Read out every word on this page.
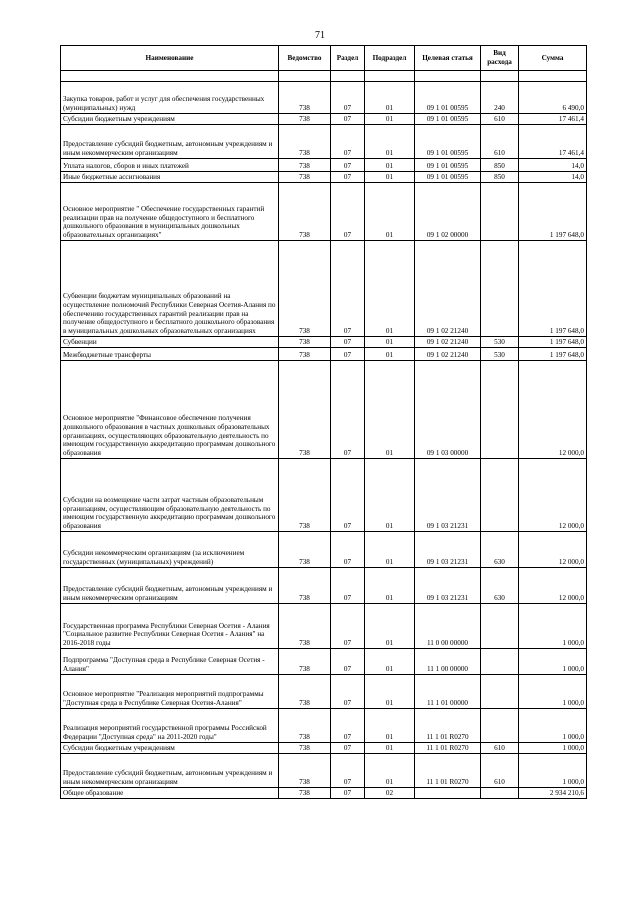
71
Наименование	Ведомство	Раздел	Подраздел	Целевая статья	Вид расхода	Сумма

Закупка товаров, работ и услуг для обеспечения государственных (муниципальных) нужд	738	07	01	09 1 01 00595	240	6 490,0
Субсидии бюджетным учреждениям	738	07	01	09 1 01 00595	610	17 461,4
Предоставление субсидий бюджетным, автономным учреждениям и иным некоммерческим организациям	738	07	01	09 1 01 00595	610	17 461,4
Уплата налогов, сборов и иных платежей	738	07	01	09 1 01 00595	850	14,0
Иные бюджетные ассигнования	738	07	01	09 1 01 00595	850	14,0
Основное мероприятие " Обеспечение государственных гарантий реализации прав на получение общедоступного и бесплатного дошкольного образования в муниципальных дошкольных образовательных организациях"	738	07	01	09 1 02 00000		1 197 648,0
Субвенции бюджетам муниципальных образований на осуществление полномочий Республики Северная Осетия-Алания по обеспечению государственных гарантий реализации прав на получение общедоступного и бесплатного дошкольного образования в муниципальных дошкольных образовательных организациях	738	07	01	09 1 02 21240		1 197 648,0
Субвенции	738	07	01	09 1 02 21240	530	1 197 648,0
Межбюджетные трансферты	738	07	01	09 1 02 21240	530	1 197 648,0
Основное мероприятие "Финансовое обеспечение получения дошкольного образования в частных дошкольных образовательных организациях, осуществляющих образовательную деятельность по имеющим государственную аккредитацию программам дошкольного образования	738	07	01	09 1 03 00000		12 000,0
Субсидии на возмещение части затрат частным образовательным организациям, осуществляющим образовательную деятельность по имеющим государственную аккредитацию программам дошкольного образования	738	07	01	09 1 03 21231		12 000,0
Субсидии некоммерческим организациям (за исключением государственных (муниципальных) учреждений)	738	07	01	09 1 03 21231	630	12 000,0
Предоставление субсидий бюджетным, автономным учреждениям и иным некоммерческим организациям	738	07	01	09 1 03 21231	630	12 000,0
Государственная программа Республики Северная Осетия - Алания "Социальное развитие Республики Северная Осетия - Алания" на 2016-2018 годы	738	07	01	11 0 00 00000		1 000,0
Подпрограмма "Доступная среда в Республике Северная Осетия - Алания"	738	07	01	11 1 00 00000		1 000,0
Основное мероприятие "Реализация мероприятий подпрограммы "Доступная среда в Республике Северная Осетия-Алания"	738	07	01	11 1 01 00000		1 000,0
Реализация мероприятий государственной программы Российской Федерации "Доступная среда" на 2011-2020 годы"	738	07	01	11 1 01 R0270		1 000,0
Субсидии бюджетным учреждениям	738	07	01	11 1 01 R0270	610	1 000,0
Предоставление субсидий бюджетным, автономным учреждениям и иным некоммерческим организациям	738	07	01	11 1 01 R0270	610	1 000,0
Общее образование	738	07	02			2 934 210,6
